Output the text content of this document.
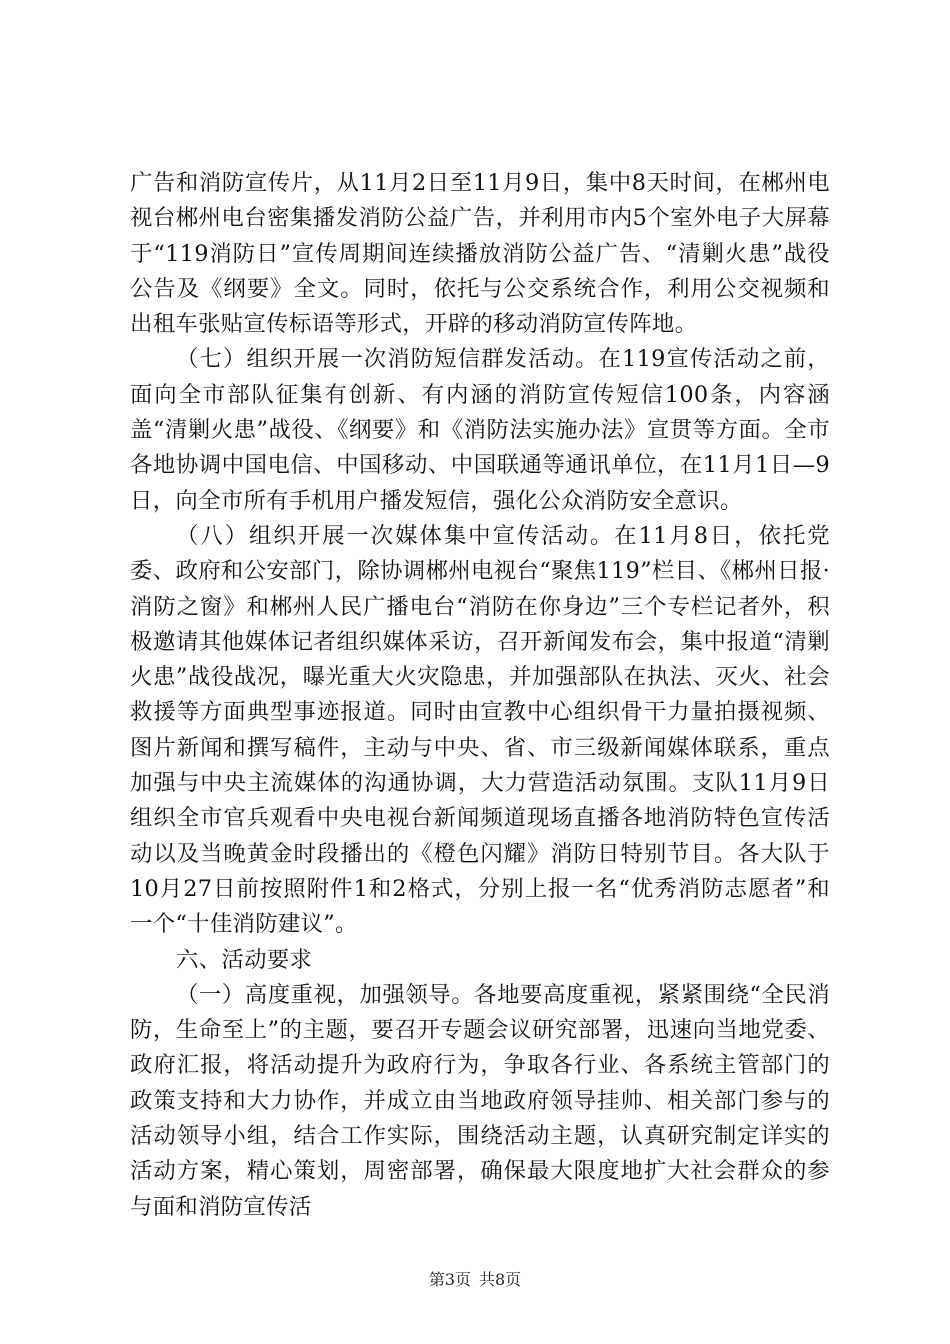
广告和消防宣传片，从11月2日至11月9日，集中8天时间，在郴州电视台郴州电台密集播发消防公益广告，并利用市内5个室外电子大屏幕于“119消防日”宣传周期间连续播放消防公益广告、“清剿火患”战役公告及《纲要》全文。同时，依托与公交系统合作，利用公交视频和出租车张贴宣传标语等形式，开辟的移动消防宣传阵地。

（七）组织开展一次消防短信群发活动。在119宣传活动之前，面向全市部队征集有创新、有内涵的消防宣传短信100条，内容涵盖“清剿火患”战役、《纲要》和《消防法实施办法》宣贯等方面。全市各地协调中国电信、中国移动、中国联通等通讯单位，在11月1日—9日，向全市所有手机用户播发短信，强化公众消防安全意识。

（八）组织开展一次媒体集中宣传活动。在11月8日，依托党委、政府和公安部门，除协调郴州电视台“聚焦119”栏目、《郴州日报·消防之窗》和郴州人民广播电台“消防在你身边”三个专栏记者外，积极邀请其他媒体记者组织媒体采访，召开新闻发布会，集中报道“清剿火患”战役战况，曝光重大火灾隐患，并加强部队在执法、灭火、社会救援等方面典型事迹报道。同时由宣教中心组织骨干力量拍摄视频、图片新闻和撰写稿件，主动与中央、省、市三级新闻媒体联系，重点加强与中央主流媒体的沟通协调，大力营造活动氛围。支队11月9日组织全市官兵观看中央电视台新闻频道现场直播各地消防特色宣传活动以及当晚黄金时段播出的《橙色闪耀》消防日特别节目。各大队于10月27日前按照附件1和2格式，分别上报一名“优秀消防志愿者”和一个“十佳消防建议”。

六、活动要求

（一）高度重视，加强领导。各地要高度重视，紧紧围绕“全民消防，生命至上”的主题，要召开专题会议研究部署，迅速向当地党委、政府汇报，将活动提升为政府行为，争取各行业、各系统主管部门的政策支持和大力协作，并成立由当地政府领导挂帅、相关部门参与的活动领导小组，结合工作实际，围绕活动主题，认真研究制定详实的活动方案，精心策划，周密部署，确保最大限度地扩大社会群众的参与面和消防宣传活

第3页 共8页
